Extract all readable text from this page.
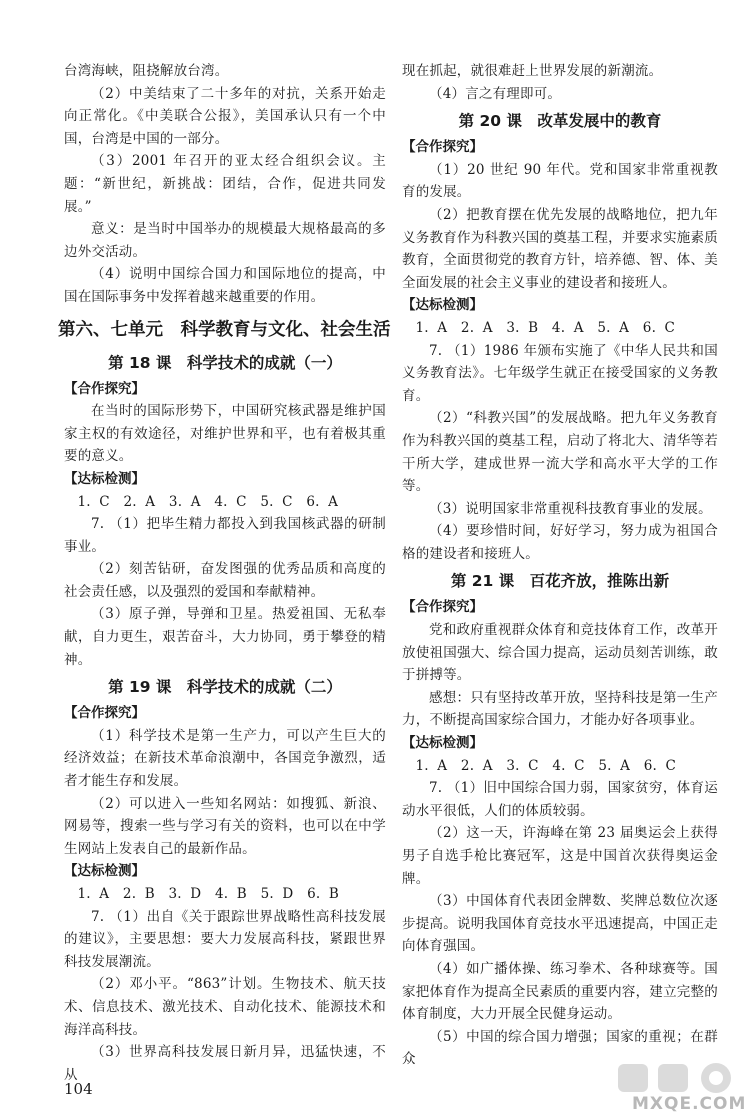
台湾海峡，阻挠解放台湾。

（2）中美结束了二十多年的对抗，关系开始走向正常化。《中美联合公报》，美国承认只有一个中国，台湾是中国的一部分。

（3）2001 年召开的亚太经合组织会议。主题：“新世纪，新挑战：团结，合作，促进共同发展。”

意义：是当时中国举办的规模最大规格最高的多边外交活动。

（4）说明中国综合国力和国际地位的提高，中国在国际事务中发挥着越来越重要的作用。

第六、七单元　科学教育与文化、社会生活
第 18 课　科学技术的成就（一）
【合作探究】

在当时的国际形势下，中国研究核武器是维护国家主权的有效途径，对维护世界和平，也有着极其重要的意义。

【达标检测】

1. C　2. A　3. A　4. C　5. C　6. A

7. （1）把毕生精力都投入到我国核武器的研制事业。

（2）刻苦钻研，奋发图强的优秀品质和高度的社会责任感，以及强烈的爱国和奉献精神。

（3）原子弹，导弹和卫星。热爱祖国、无私奉献，自力更生，艰苦奋斗，大力协同，勇于攀登的精神。

第 19 课　科学技术的成就（二）
【合作探究】

（1）科学技术是第一生产力，可以产生巨大的经济效益；在新技术革命浪潮中，各国竞争激烈，适者才能生存和发展。

（2）可以进入一些知名网站：如搜狐、新浪、网易等，搜索一些与学习有关的资料，也可以在中学生网站上发表自己的最新作品。

【达标检测】

1. A　2. B　3. D　4. B　5. D　6. B

7. （1）出自《关于跟踪世界战略性高科技发展的建议》，主要思想：要大力发展高科技，紧跟世界科技发展潮流。

（2）邓小平。“863”计划。生物技术、航天技术、信息技术、激光技术、自动化技术、能源技术和海洋高科技。

（3）世界高科技发展日新月异，迅猛快速，不从

现在抓起，就很难赶上世界发展的新潮流。

（4）言之有理即可。

第 20 课　改革发展中的教育
【合作探究】

（1）20 世纪 90 年代。党和国家非常重视教育的发展。

（2）把教育摆在优先发展的战略地位，把九年义务教育作为科教兴国的奠基工程，并要求实施素质教育，全面贯彻党的教育方针，培养德、智、体、美全面发展的社会主义事业的建设者和接班人。

【达标检测】

1. A　2. A　3. B　4. A　5. A　6. C

7. （1）1986 年颁布实施了《中华人民共和国义务教育法》。七年级学生就正在接受国家的义务教育。

（2）“科教兴国”的发展战略。把九年义务教育作为科教兴国的奠基工程，启动了将北大、清华等若干所大学，建成世界一流大学和高水平大学的工作等。

（3）说明国家非常重视科技教育事业的发展。

（4）要珍惜时间，好好学习，努力成为祖国合格的建设者和接班人。

第 21 课　百花齐放，推陈出新
【合作探究】

党和政府重视群众体育和竞技体育工作，改革开放使祖国强大、综合国力提高，运动员刻苦训练，敢于拼搏等。

感想：只有坚持改革开放，坚持科技是第一生产力，不断提高国家综合国力，才能办好各项事业。

【达标检测】

1. A　2. A　3. C　4. C　5. A　6. C

7. （1）旧中国综合国力弱，国家贫穷，体育运动水平很低，人们的体质较弱。

（2）这一天，许海峰在第 23 届奥运会上获得男子自选手枪比赛冠军，这是中国首次获得奥运金牌。

（3）中国体育代表团金牌数、奖牌总数位次逐步提高。说明我国体育竞技水平迅速提高，中国正走向体育强国。

（4）如广播体操、练习拳术、各种球赛等。国家把体育作为提高全民素质的重要内容，建立完整的体育制度，大力开展全民健身运动。

（5）中国的综合国力增强；国家的重视；在群众

104
MXQE.COM
